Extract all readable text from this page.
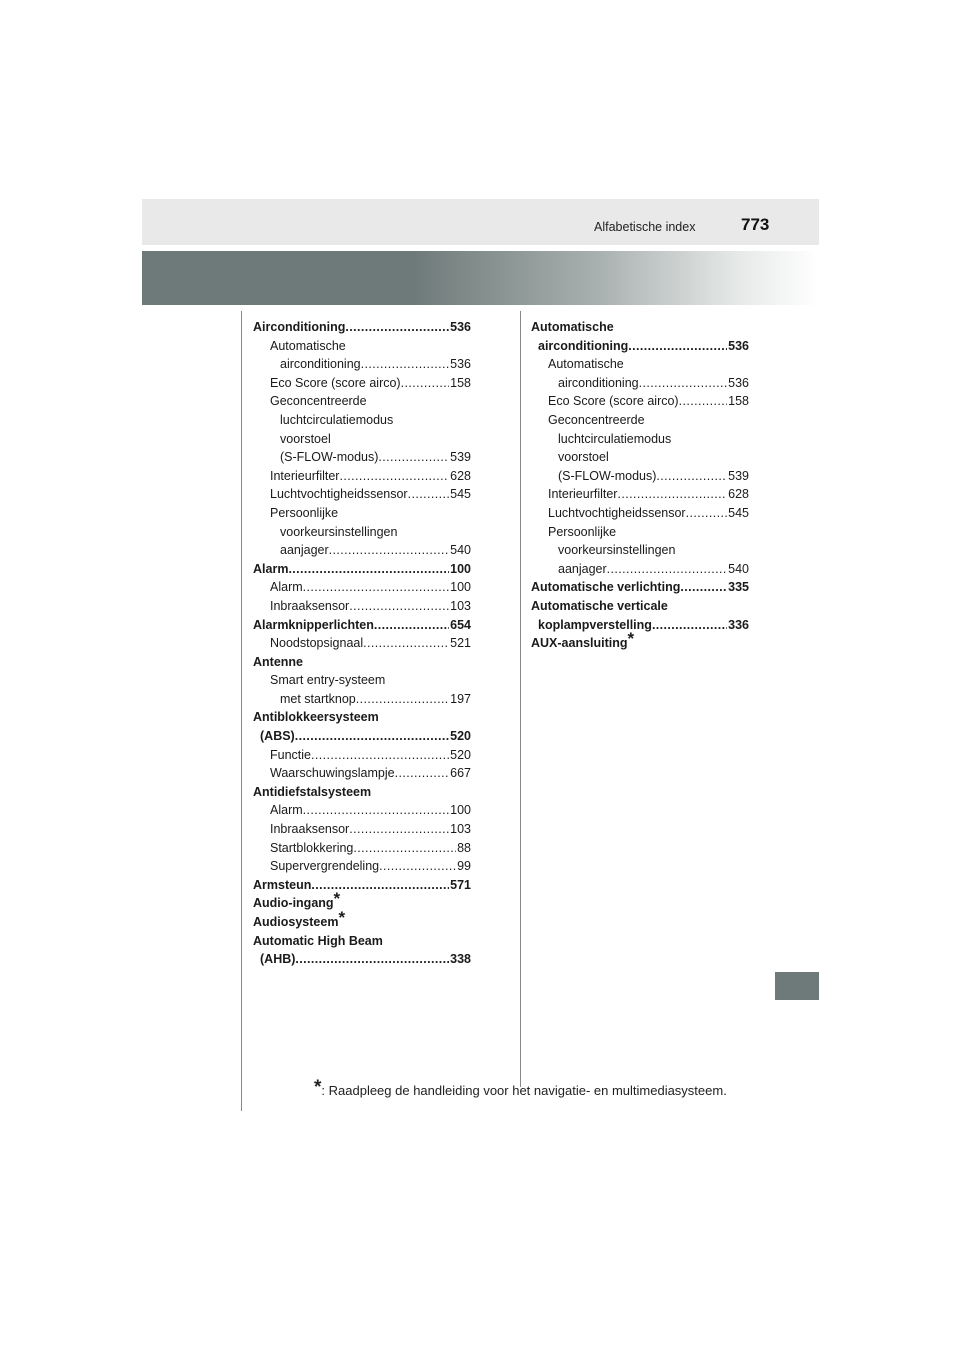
Alfabetische index	773
Airconditioning .....	536
Automatische
airconditioning .....	536
Eco Score (score airco) .....	158
Geconcentreerde
luchtcirculatiemodus
voorstoel
(S-FLOW-modus) .....	539
Interieurfilter .....	628
Luchtvochtigheidssensor .....	545
Persoonlijke
voorkeursinstellingen
aanjager .....	540
Alarm .....	100
Alarm .....	100
Inbraaksensor .....	103
Alarmknipperlichten .....	654
Noodstopsignaal .....	521
Antenne
Smart entry-systeem
met startknop .....	197
Antiblokkeersysteem
(ABS) .....	520
Functie .....	520
Waarschuwingslampje .....	667
Antidiefstalsysteem
Alarm .....	100
Inbraaksensor .....	103
Startblokkering .....	88
Supervergrendeling .....	99
Armsteun .....	571
Audio-ingang*
Audiosysteem*
Automatic High Beam
(AHB) .....	338
Automatische
airconditioning .....	536
Automatische
airconditioning .....	536
Eco Score (score airco) .....	158
Geconcentreerde
luchtcirculatiemodus
voorstoel
(S-FLOW-modus) .....	539
Interieurfilter .....	628
Luchtvochtigheidssensor .....	545
Persoonlijke
voorkeursinstellingen
aanjager .....	540
Automatische verlichting .....	335
Automatische verticale
koplampverstelling .....	336
AUX-aansluiting*
*: Raadpleeg de handleiding voor het navigatie- en multimediasysteem.
